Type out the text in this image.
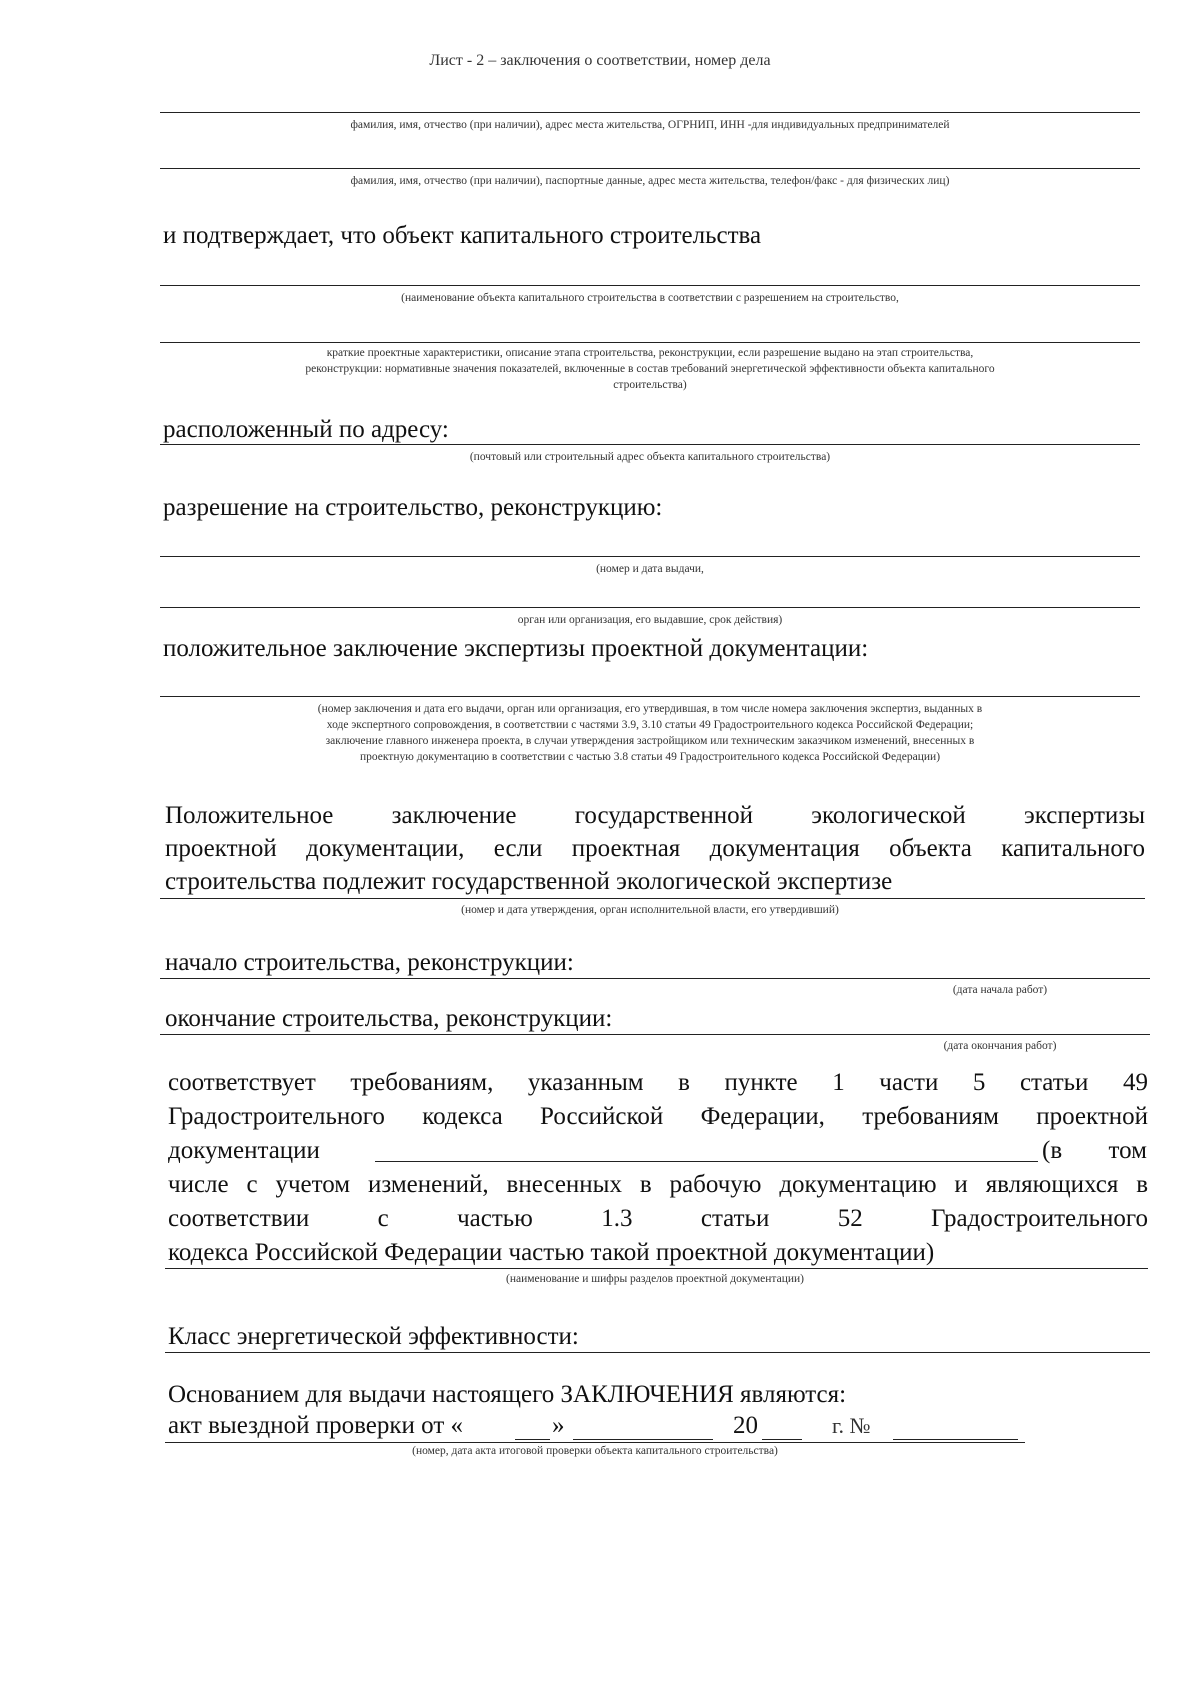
Лист - 2 – заключения о соответствии, номер дела
фамилия, имя, отчество (при наличии), адрес места жительства, ОГРНИП, ИНН -для индивидуальных предпринимателей
фамилия, имя, отчество (при наличии), паспортные данные, адрес места жительства, телефон/факс - для физических лиц)
и подтверждает, что объект капитального строительства
(наименование объекта капитального строительства в соответствии с разрешением на строительство,
краткие проектные характеристики, описание этапа строительства, реконструкции, если разрешение выдано на этап строительства,
реконструкции: нормативные значения показателей, включенные в состав требований энергетической эффективности объекта капитального
строительства)
расположенный по адресу:
(почтовый или строительный адрес объекта капитального строительства)
разрешение на строительство, реконструкцию:
(номер и дата выдачи,
орган или организация, его выдавшие, срок действия)
положительное заключение экспертизы проектной документации:
(номер заключения и дата его выдачи, орган или организация, его утвердившая, в том числе номера заключения экспертиз, выданных в
ходе экспертного сопровождения, в соответствии с частями 3.9, 3.10 статьи 49 Градостроительного кодекса Российской Федерации;
заключение главного инженера проекта, в случаи утверждения застройщиком или техническим заказчиком изменений, внесенных в
проектную документацию в соответствии с частью 3.8 статьи 49 Градостроительного кодекса Российской Федерации)
Положительное заключение государственной экологической экспертизы
проектной документации, если проектная документация объекта капитального
строительства подлежит государственной экологической экспертизе
(номер и дата утверждения, орган исполнительной власти, его утвердивший)
начало строительства, реконструкции:
(дата начала работ)
окончание строительства, реконструкции:
(дата окончания работ)
соответствует требованиям, указанным в пункте 1 части 5 статьи 49
Градостроительного кодекса Российской Федерации, требованиям проектной
документации	(в том
числе с учетом изменений, внесенных в рабочую документацию и являющихся в
соответствии с частью 1.3 статьи 52 Градостроительного
кодекса Российской Федерации частью такой проектной документации)
(наименование и шифры разделов проектной документации)
Класс энергетической эффективности:
Основанием для выдачи настоящего ЗАКЛЮЧЕНИЯ являются:
акт выездной проверки от «	»	20	г. №
(номер, дата акта итоговой проверки объекта капитального строительства)
